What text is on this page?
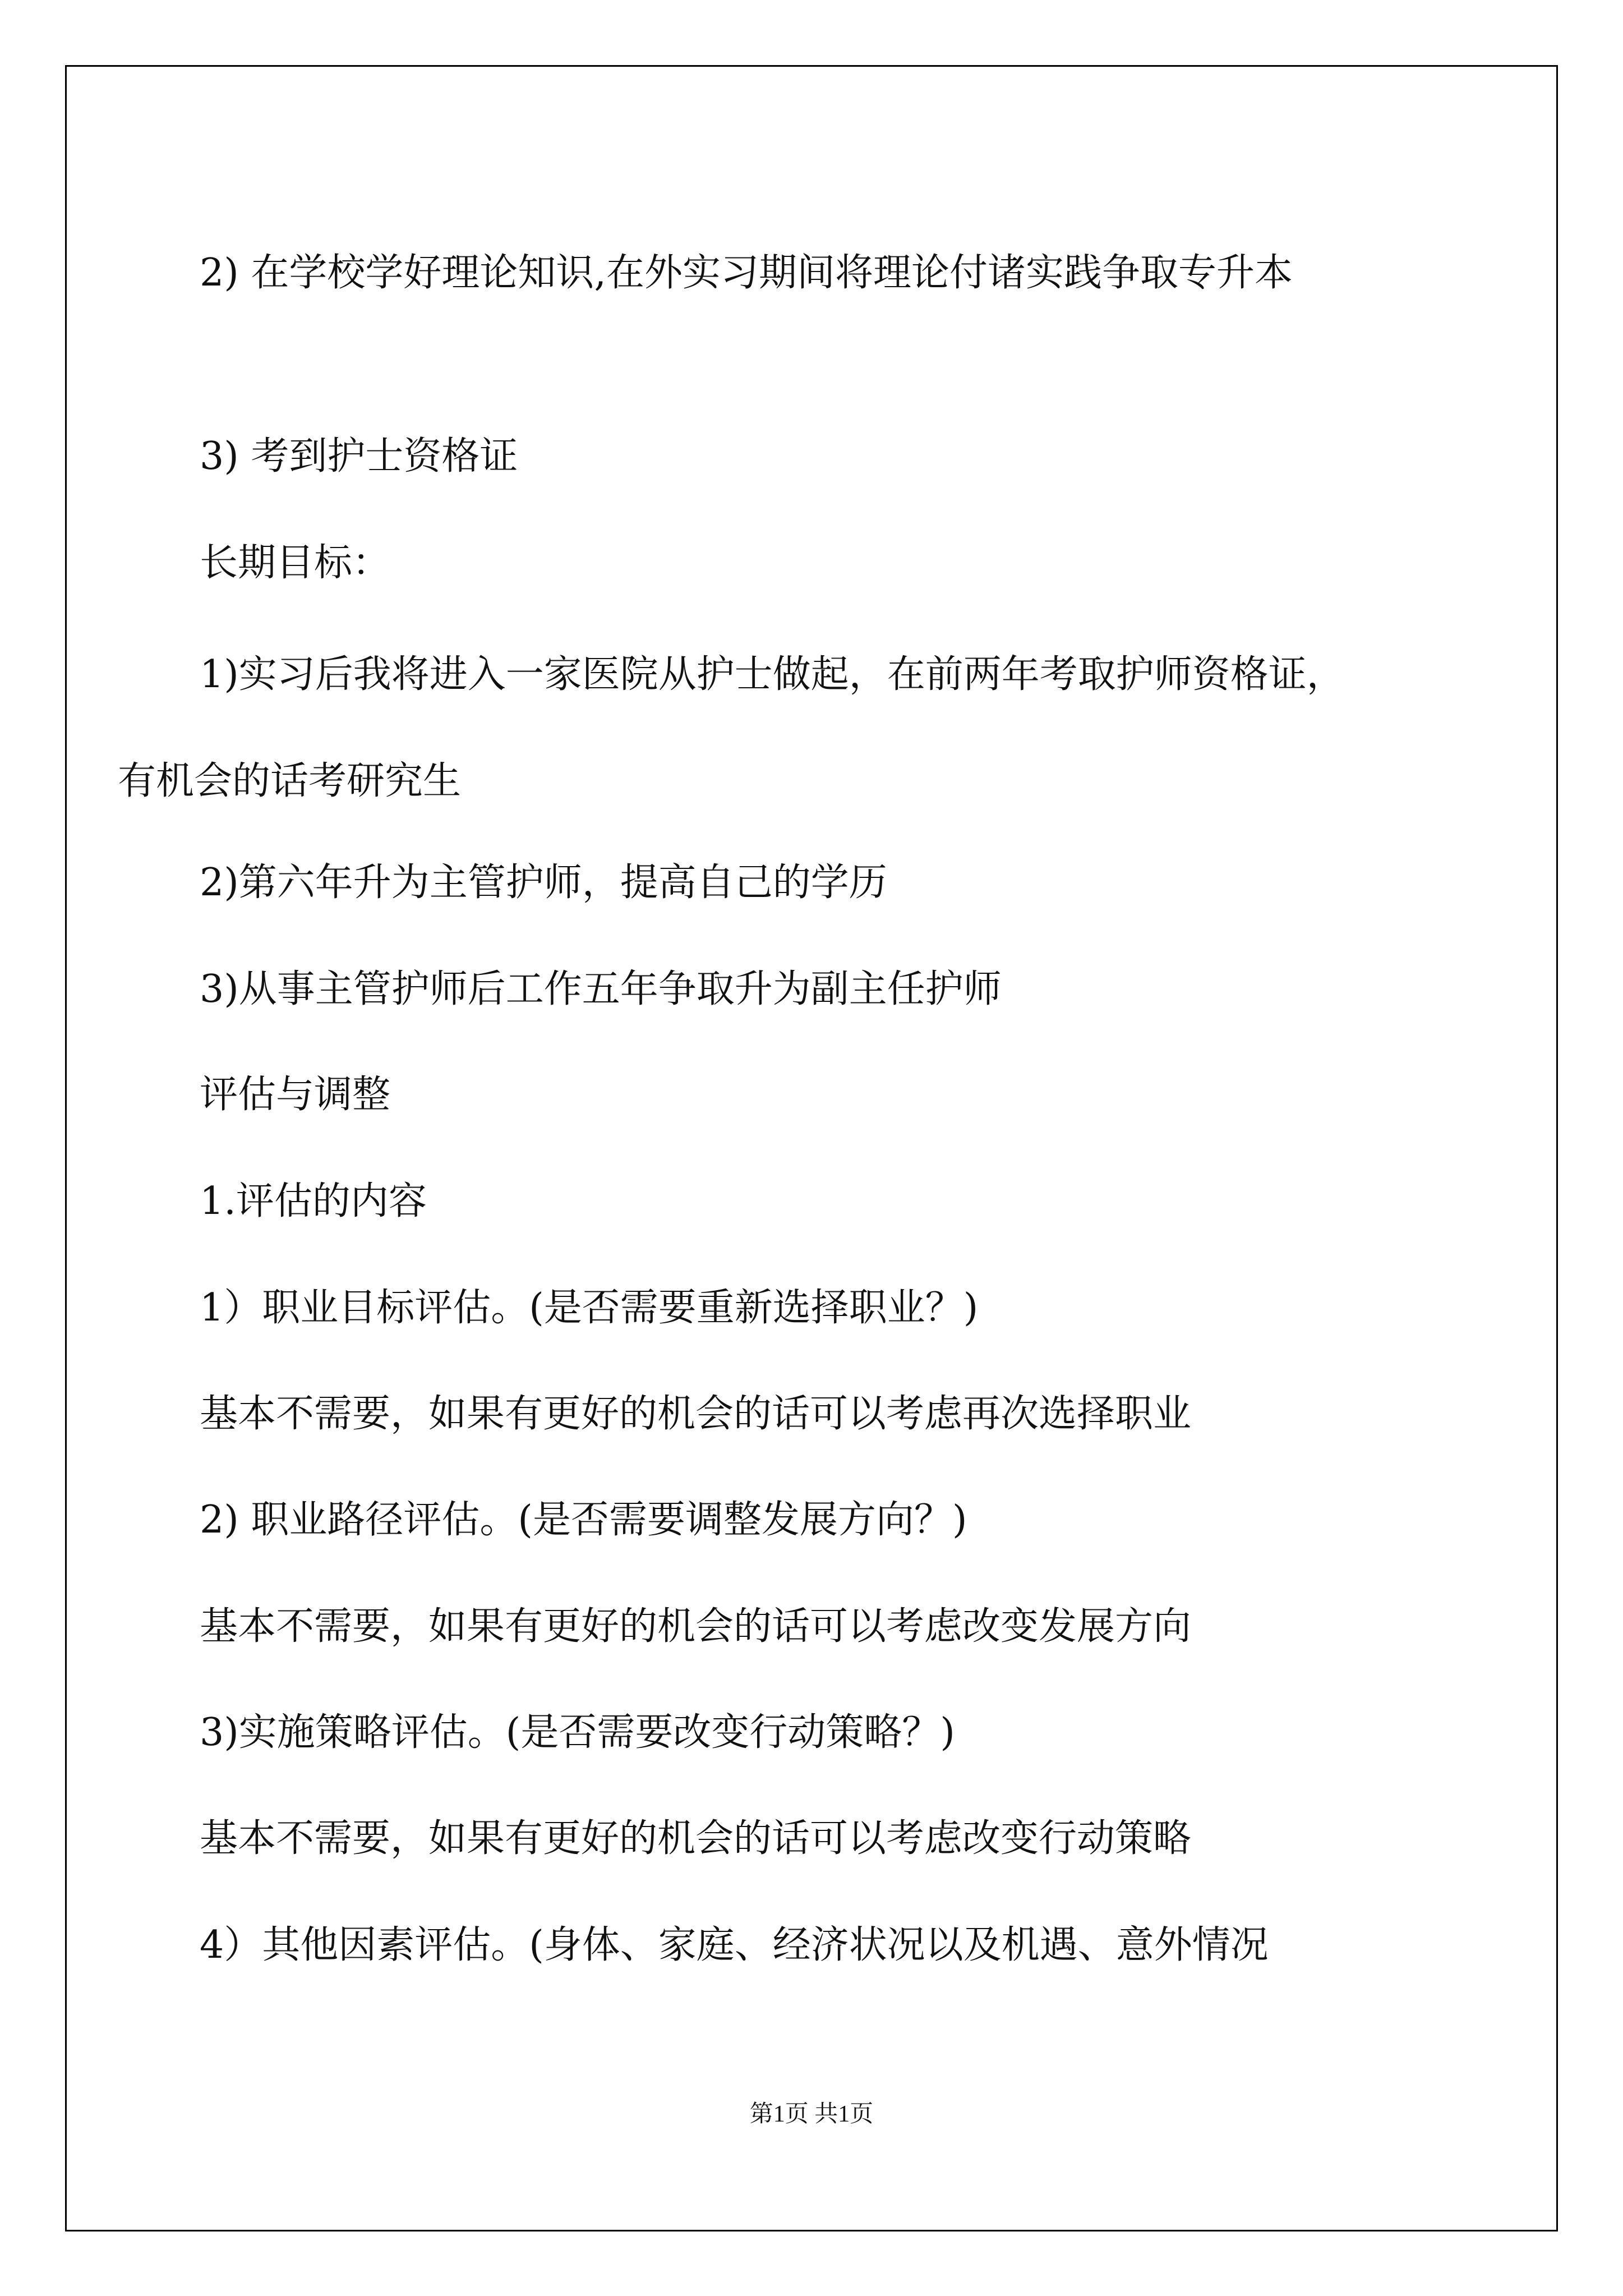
2) 在学校学好理论知识,在外实习期间将理论付诸实践争取专升本
3) 考到护士资格证
长期目标：
1)实习后我将进入一家医院从护士做起，在前两年考取护师资格证，有机会的话考研究生
2)第六年升为主管护师，提高自己的学历
3)从事主管护师后工作五年争取升为副主任护师
评估与调整
1.评估的内容
1）职业目标评估。(是否需要重新选择职业？)
基本不需要，如果有更好的机会的话可以考虑再次选择职业
2) 职业路径评估。(是否需要调整发展方向？)
基本不需要，如果有更好的机会的话可以考虑改变发展方向
3)实施策略评估。(是否需要改变行动策略？)
基本不需要，如果有更好的机会的话可以考虑改变行动策略
4）其他因素评估。(身体、家庭、经济状况以及机遇、意外情况
第1页 共1页
